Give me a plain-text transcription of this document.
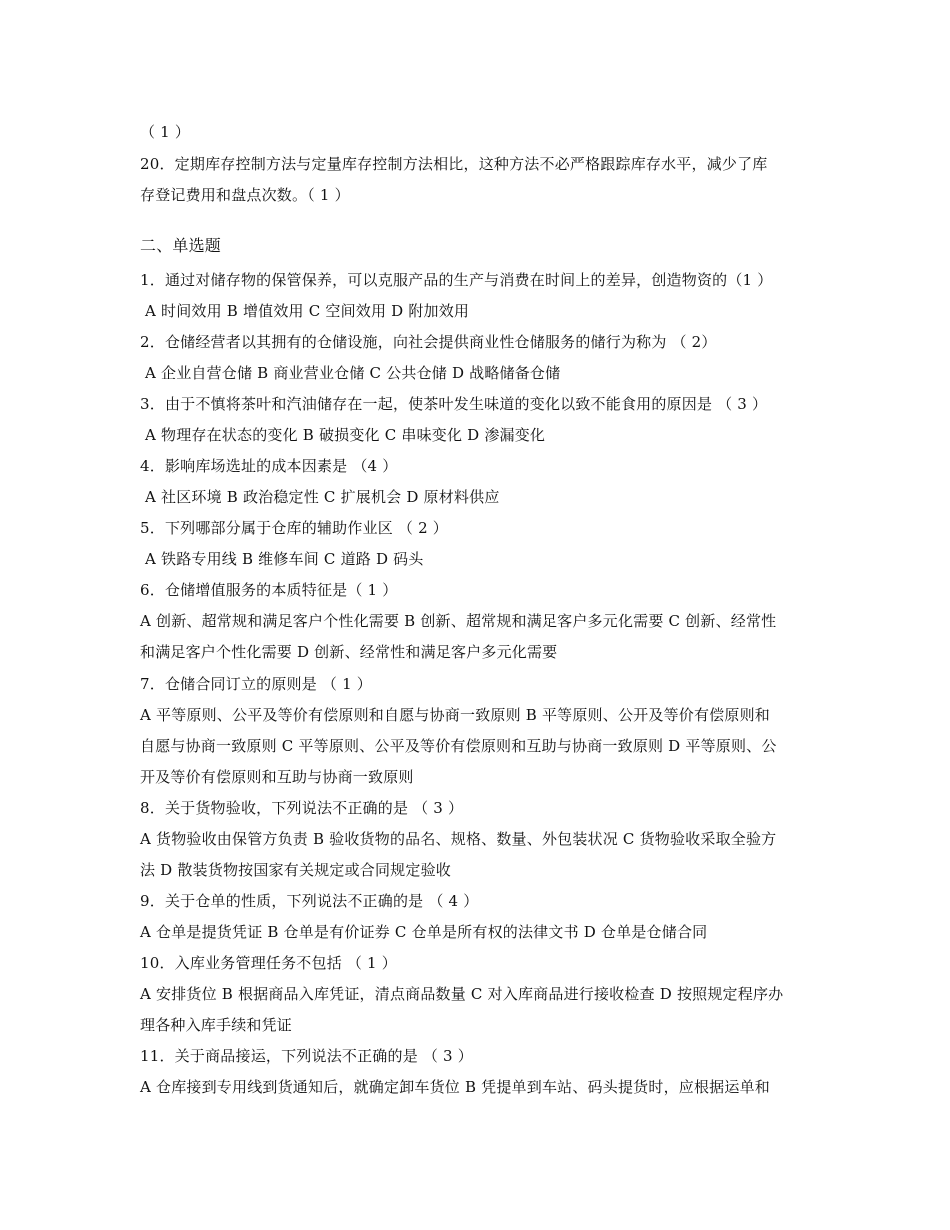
（ 1 ）
20．定期库存控制方法与定量库存控制方法相比，这种方法不必严格跟踪库存水平，减少了库
存登记费用和盘点次数。（ 1 ）
二、单选题
1．通过对储存物的保管保养，可以克服产品的生产与消费在时间上的差异，创造物资的（1 ）
A 时间效用 B 增值效用 C 空间效用 D 附加效用
2．仓储经营者以其拥有的仓储设施，向社会提供商业性仓储服务的储行为称为 （ 2）
A 企业自营仓储 B 商业营业仓储 C 公共仓储 D 战略储备仓储
3．由于不慎将茶叶和汽油储存在一起，使茶叶发生味道的变化以致不能食用的原因是 （ 3 ）
A 物理存在状态的变化 B 破损变化 C 串味变化 D 渗漏变化
4．影响库场选址的成本因素是 （4 ）
A 社区环境 B 政治稳定性 C 扩展机会 D 原材料供应
5．下列哪部分属于仓库的辅助作业区 （ 2 ）
A 铁路专用线 B 维修车间 C 道路 D 码头
6．仓储增值服务的本质特征是（ 1 ）
A 创新、超常规和满足客户个性化需要 B 创新、超常规和满足客户多元化需要 C 创新、经常性
和满足客户个性化需要 D 创新、经常性和满足客户多元化需要
7．仓储合同订立的原则是 （ 1 ）
A 平等原则、公平及等价有偿原则和自愿与协商一致原则 B 平等原则、公开及等价有偿原则和
自愿与协商一致原则 C 平等原则、公平及等价有偿原则和互助与协商一致原则 D 平等原则、公
开及等价有偿原则和互助与协商一致原则
8．关于货物验收，下列说法不正确的是 （ 3 ）
A 货物验收由保管方负责 B 验收货物的品名、规格、数量、外包装状况 C 货物验收采取全验方
法 D 散装货物按国家有关规定或合同规定验收
9．关于仓单的性质，下列说法不正确的是 （ 4 ）
A 仓单是提货凭证 B 仓单是有价证券 C 仓单是所有权的法律文书 D 仓单是仓储合同
10．入库业务管理任务不包括 （ 1 ）
A 安排货位 B 根据商品入库凭证，清点商品数量 C 对入库商品进行接收检查 D 按照规定程序办
理各种入库手续和凭证
11．关于商品接运，下列说法不正确的是 （ 3 ）
A 仓库接到专用线到货通知后，就确定卸车货位 B 凭提单到车站、码头提货时，应根据运单和
